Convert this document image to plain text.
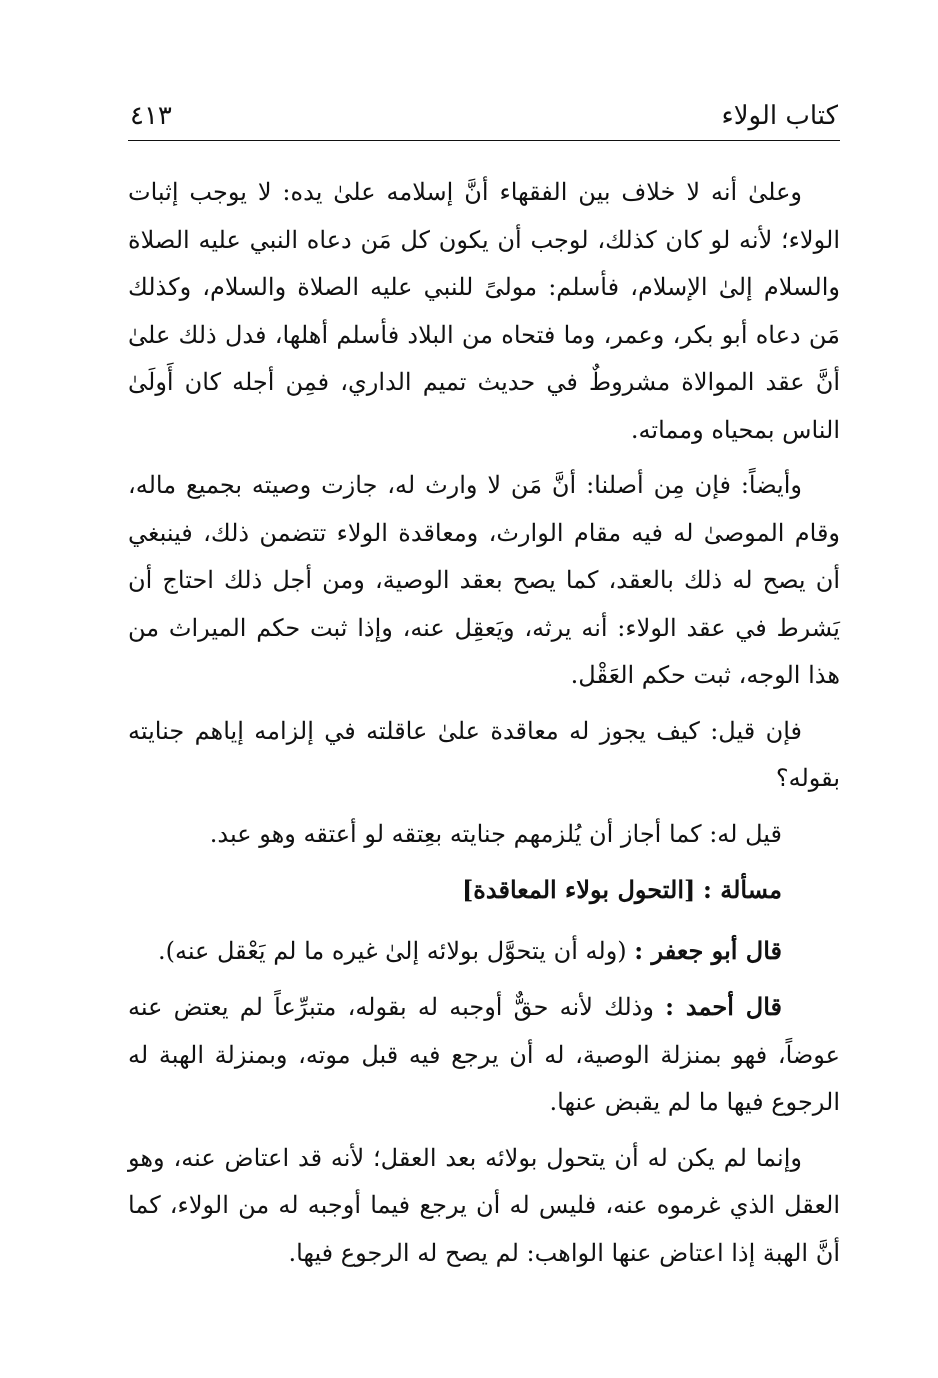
كتاب الولاء
٤١٣

وعلىٰ أنه لا خلاف بين الفقهاء أنَّ إسلامه علىٰ يده: لا يوجب إثبات الولاء؛ لأنه لو كان كذلك، لوجب أن يكون كل مَن دعاه النبي عليه الصلاة والسلام إلىٰ الإسلام، فأسلم: مولىً للنبي عليه الصلاة والسلام، وكذلك مَن دعاه أبو بكر، وعمر، وما فتحاه من البلاد فأسلم أهلها، فدل ذلك علىٰ أنَّ عقد الموالاة مشروطٌ في حديث تميم الداري، فمِن أجله كان أَولَىٰ الناس بمحياه ومماته.

وأيضاً: فإن مِن أصلنا: أنَّ مَن لا وارث له، جازت وصيته بجميع ماله، وقام الموصىٰ له فيه مقام الوارث، ومعاقدة الولاء تتضمن ذلك، فينبغي أن يصح له ذلك بالعقد، كما يصح بعقد الوصية، ومن أجل ذلك احتاج أن يَشرط في عقد الولاء: أنه يرثه، ويَعقِل عنه، وإذا ثبت حكم الميراث من هذا الوجه، ثبت حكم العَقْل.

فإن قيل: كيف يجوز له معاقدة علىٰ عاقلته في إلزامه إياهم جنايته بقوله؟

قيل له: كما أجاز أن يُلزمهم جنايته بعِتقه لو أعتقه وهو عبد.

مسألة : [التحول بولاء المعاقدة]

قال أبو جعفر : (وله أن يتحوَّل بولائه إلىٰ غيره ما لم يَعْقل عنه).

قال أحمد : وذلك لأنه حقٌّ أوجبه له بقوله، متبرِّعاً لم يعتض عنه عوضاً، فهو بمنزلة الوصية، له أن يرجع فيه قبل موته، وبمنزلة الهبة له الرجوع فيها ما لم يقبض عنها.

وإنما لم يكن له أن يتحول بولائه بعد العقل؛ لأنه قد اعتاض عنه، وهو العقل الذي غرموه عنه، فليس له أن يرجع فيما أوجبه له من الولاء، كما أنَّ الهبة إذا اعتاض عنها الواهب: لم يصح له الرجوع فيها.
